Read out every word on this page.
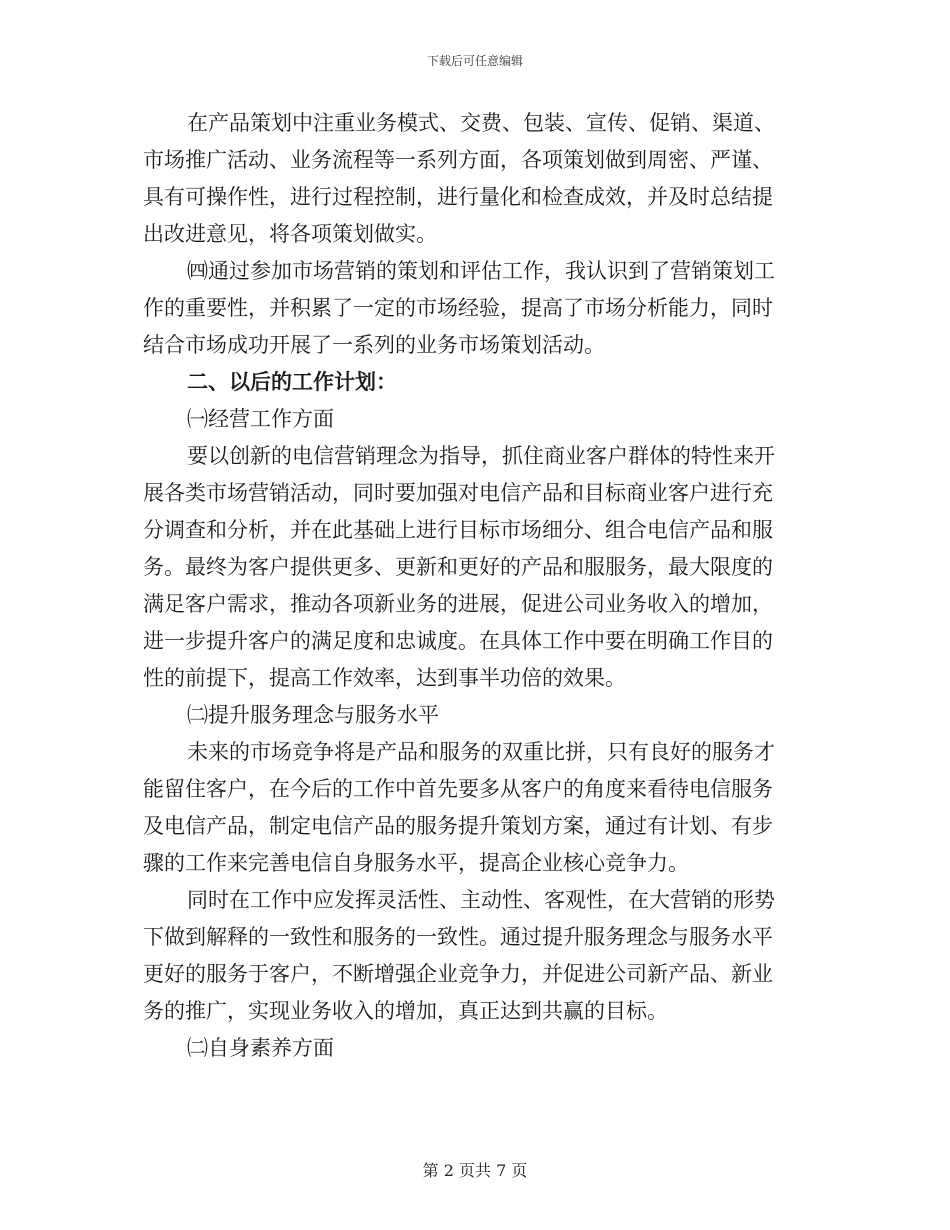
下载后可任意编辑
在产品策划中注重业务模式、交费、包装、宣传、促销、渠道、
市场推广活动、业务流程等一系列方面，各项策划做到周密、严谨、
具有可操作性，进行过程控制，进行量化和检查成效，并及时总结提
出改进意见，将各项策划做实。
㈣通过参加市场营销的策划和评估工作，我认识到了营销策划工
作的重要性，并积累了一定的市场经验，提高了市场分析能力，同时
结合市场成功开展了一系列的业务市场策划活动。
二、以后的工作计划：
㈠经营工作方面
要以创新的电信营销理念为指导，抓住商业客户群体的特性来开
展各类市场营销活动，同时要加强对电信产品和目标商业客户进行充
分调查和分析，并在此基础上进行目标市场细分、组合电信产品和服
务。最终为客户提供更多、更新和更好的产品和服服务，最大限度的
满足客户需求，推动各项新业务的进展，促进公司业务收入的增加，
进一步提升客户的满足度和忠诚度。在具体工作中要在明确工作目的
性的前提下，提高工作效率，达到事半功倍的效果。
㈡提升服务理念与服务水平
未来的市场竞争将是产品和服务的双重比拼，只有良好的服务才
能留住客户，在今后的工作中首先要多从客户的角度来看待电信服务
及电信产品，制定电信产品的服务提升策划方案，通过有计划、有步
骤的工作来完善电信自身服务水平，提高企业核心竞争力。
同时在工作中应发挥灵活性、主动性、客观性，在大营销的形势
下做到解释的一致性和服务的一致性。通过提升服务理念与服务水平
更好的服务于客户，不断增强企业竞争力，并促进公司新产品、新业
务的推广，实现业务收入的增加，真正达到共赢的目标。
㈡自身素养方面
第 2 页共 7 页
